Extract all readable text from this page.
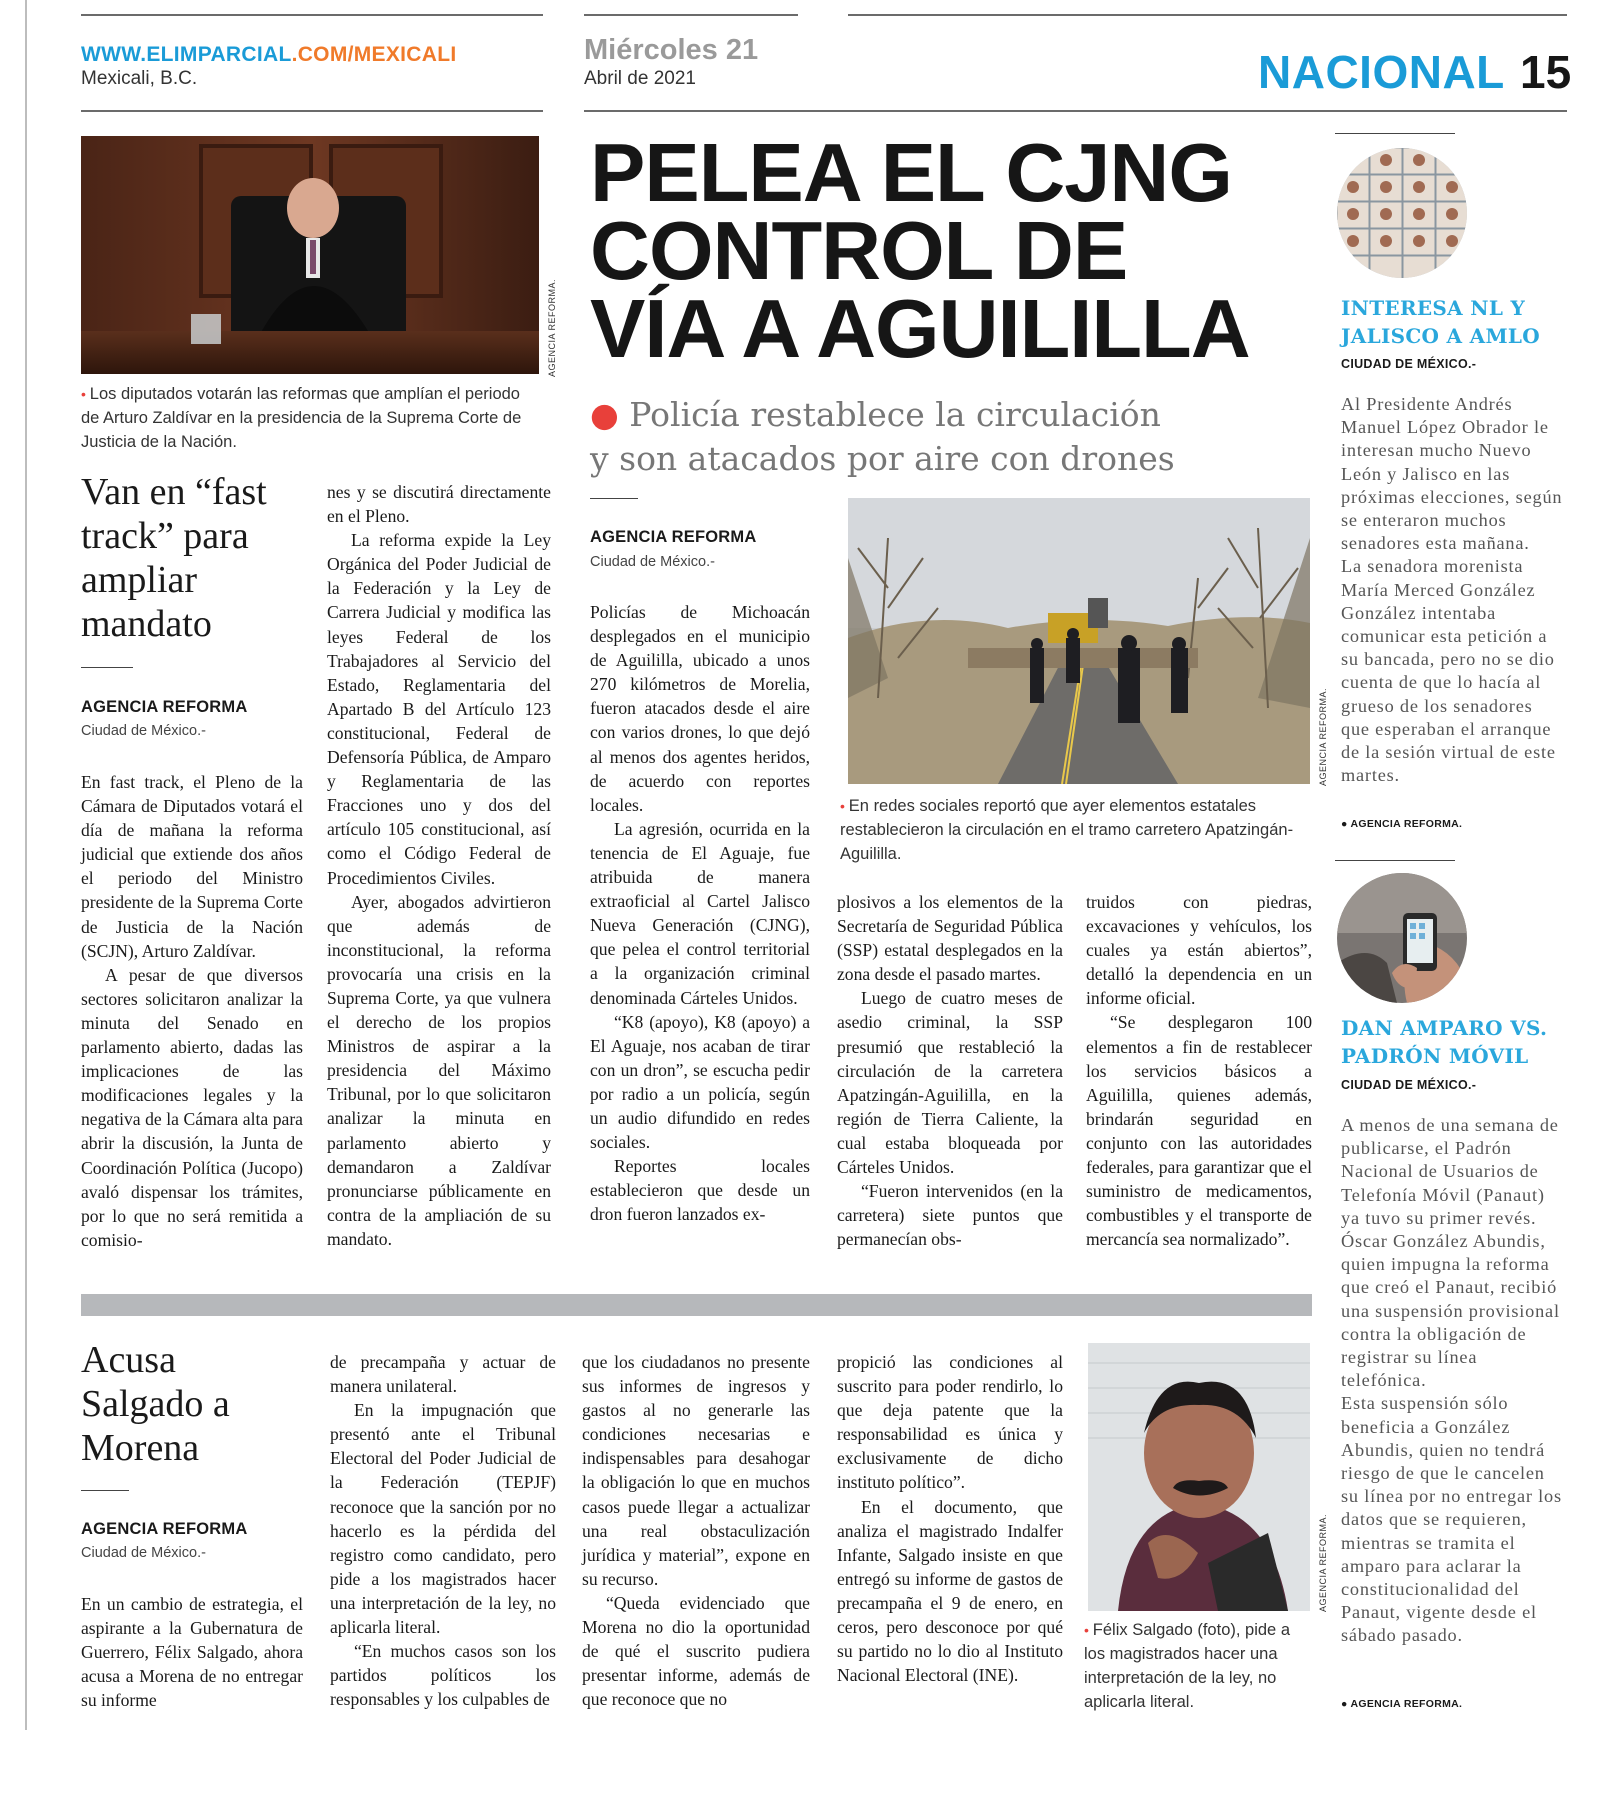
WWW.ELIMPARCIAL.COM/MEXICALI
Mexicali, B.C.
Miércoles 21
Abril de 2021	NACIONAL 15
AGENCIA REFORMA.
• Los diputados votarán las reformas que amplían el periodo de Arturo Zaldívar en la presidencia de la Suprema Corte de Justicia de la Nación.
Van en “fast track” para ampliar mandato
AGENCIA REFORMA
Ciudad de México.-

En fast track, el Pleno de la Cámara de Diputados votará el día de mañana la reforma judicial que extiende dos años el periodo del Ministro presidente de la Suprema Corte de Justicia de la Nación (SCJN), Arturo Zaldívar.

A pesar de que diversos sectores solicitaron analizar la minuta del Senado en parlamento abierto, dadas las implicaciones de las modificaciones legales y la negativa de la Cámara alta para abrir la discusión, la Junta de Coordinación Política (Jucopo) avaló dispensar los trámites, por lo que no será remitida a comisio-

nes y se discutirá directamente en el Pleno.

La reforma expide la Ley Orgánica del Poder Judicial de la Federación y la Ley de Carrera Judicial y modifica las leyes Federal de los Trabajadores al Servicio del Estado, Reglamentaria del Apartado B del Artículo 123 constitucional, Federal de Defensoría Pública, de Amparo y Reglamentaria de las Fracciones uno y dos del artículo 105 constitucional, así como el Código Federal de Procedimientos Civiles.

Ayer, abogados advirtieron que además de inconstitucional, la reforma provocaría una crisis en la Suprema Corte, ya que vulnera el derecho de los propios Ministros de aspirar a la presidencia del Máximo Tribunal, por lo que solicitaron analizar la minuta en parlamento abierto y demandaron a Zaldívar pronunciarse públicamente en contra de la ampliación de su mandato.

PELEA EL CJNG
CONTROL DE
VÍA A AGUILILLA
● Policía restablece la circulación
y son atacados por aire con drones
AGENCIA REFORMA
Ciudad de México.-
AGENCIA REFORMA.
• En redes sociales reportó que ayer elementos estatales restablecieron la circulación en el tramo carretero Apatzingán-Aguililla.

Policías de Michoacán desplegados en el municipio de Aguililla, ubicado a unos 270 kilómetros de Morelia, fueron atacados desde el aire con varios drones, lo que dejó al menos dos agentes heridos, de acuerdo con reportes locales.

La agresión, ocurrida en la tenencia de El Aguaje, fue atribuida de manera extraoficial al Cartel Jalisco Nueva Generación (CJNG), que pelea el control territorial a la organización criminal denominada Cárteles Unidos.

“K8 (apoyo), K8 (apoyo) a El Aguaje, nos acaban de tirar con un dron”, se escucha pedir por radio a un policía, según un audio difundido en redes sociales.

Reportes locales establecieron que desde un dron fueron lanzados ex-

plosivos a los elementos de la Secretaría de Seguridad Pública (SSP) estatal desplegados en la zona desde el pasado martes.

Luego de cuatro meses de asedio criminal, la SSP presumió que restableció la circulación de la carretera Apatzingán-Aguililla, en la región de Tierra Caliente, la cual estaba bloqueada por Cárteles Unidos.

“Fueron intervenidos (en la carretera) siete puntos que permanecían obs-

truidos con piedras, excavaciones y vehículos, los cuales ya están abiertos”, detalló la dependencia en un informe oficial.

“Se desplegaron 100 elementos a fin de restablecer los servicios básicos a Aguililla, quienes además, brindarán seguridad en conjunto con las autoridades federales, para garantizar que el suministro de medicamentos, combustibles y el transporte de mercancía sea normalizado”.

Acusa Salgado a Morena
AGENCIA REFORMA
Ciudad de México.-

En un cambio de estrategia, el aspirante a la Gubernatura de Guerrero, Félix Salgado, ahora acusa a Morena de no entregar su informe

de precampaña y actuar de manera unilateral.

En la impugnación que presentó ante el Tribunal Electoral del Poder Judicial de la Federación (TEPJF) reconoce que la sanción por no hacerlo es la pérdida del registro como candidato, pero pide a los magistrados hacer una interpretación de la ley, no aplicarla literal.

“En muchos casos son los partidos políticos los responsables y los culpables de

que los ciudadanos no presente sus informes de ingresos y gastos al no generarle las condiciones necesarias e indispensables para desahogar la obligación lo que en muchos casos puede llegar a actualizar una real obstaculización jurídica y material”, expone en su recurso.

“Queda evidenciado que Morena no dio la oportunidad de qué el suscrito pudiera presentar informe, además de que reconoce que no

propició las condiciones al suscrito para poder rendirlo, lo que deja patente que la responsabilidad es única y exclusivamente de dicho instituto político”.

En el documento, que analiza el magistrado Indalfer Infante, Salgado insiste en que entregó su informe de gastos de precampaña el 9 de enero, en ceros, pero desconoce por qué su partido no lo dio al Instituto Nacional Electoral (INE).

AGENCIA REFORMA.
• Félix Salgado (foto), pide a los magistrados hacer una interpretación de la ley, no aplicarla literal.
INTERESA NL Y
JALISCO A AMLO
CIUDAD DE MÉXICO.-
Al Presidente Andrés Manuel López Obrador le interesan mucho Nuevo León y Jalisco en las próximas elecciones, según se enteraron muchos senadores esta mañana.
La senadora morenista María Merced González González intentaba comunicar esta petición a su bancada, pero no se dio cuenta de que lo hacía al grueso de los senadores que esperaban el arranque de la sesión virtual de este martes.
● AGENCIA REFORMA.
DAN AMPARO VS.
PADRÓN MÓVIL
CIUDAD DE MÉXICO.-
A menos de una semana de publicarse, el Padrón Nacional de Usuarios de Telefonía Móvil (Panaut) ya tuvo su primer revés.
Óscar González Abundis, quien impugna la reforma que creó el Panaut, recibió una suspensión provisional contra la obligación de registrar su línea telefónica.
Esta suspensión sólo beneficia a González Abundis, quien no tendrá riesgo de que le cancelen su línea por no entregar los datos que se requieren, mientras se tramita el amparo para aclarar la constitucionalidad del Panaut, vigente desde el sábado pasado.
● AGENCIA REFORMA.
